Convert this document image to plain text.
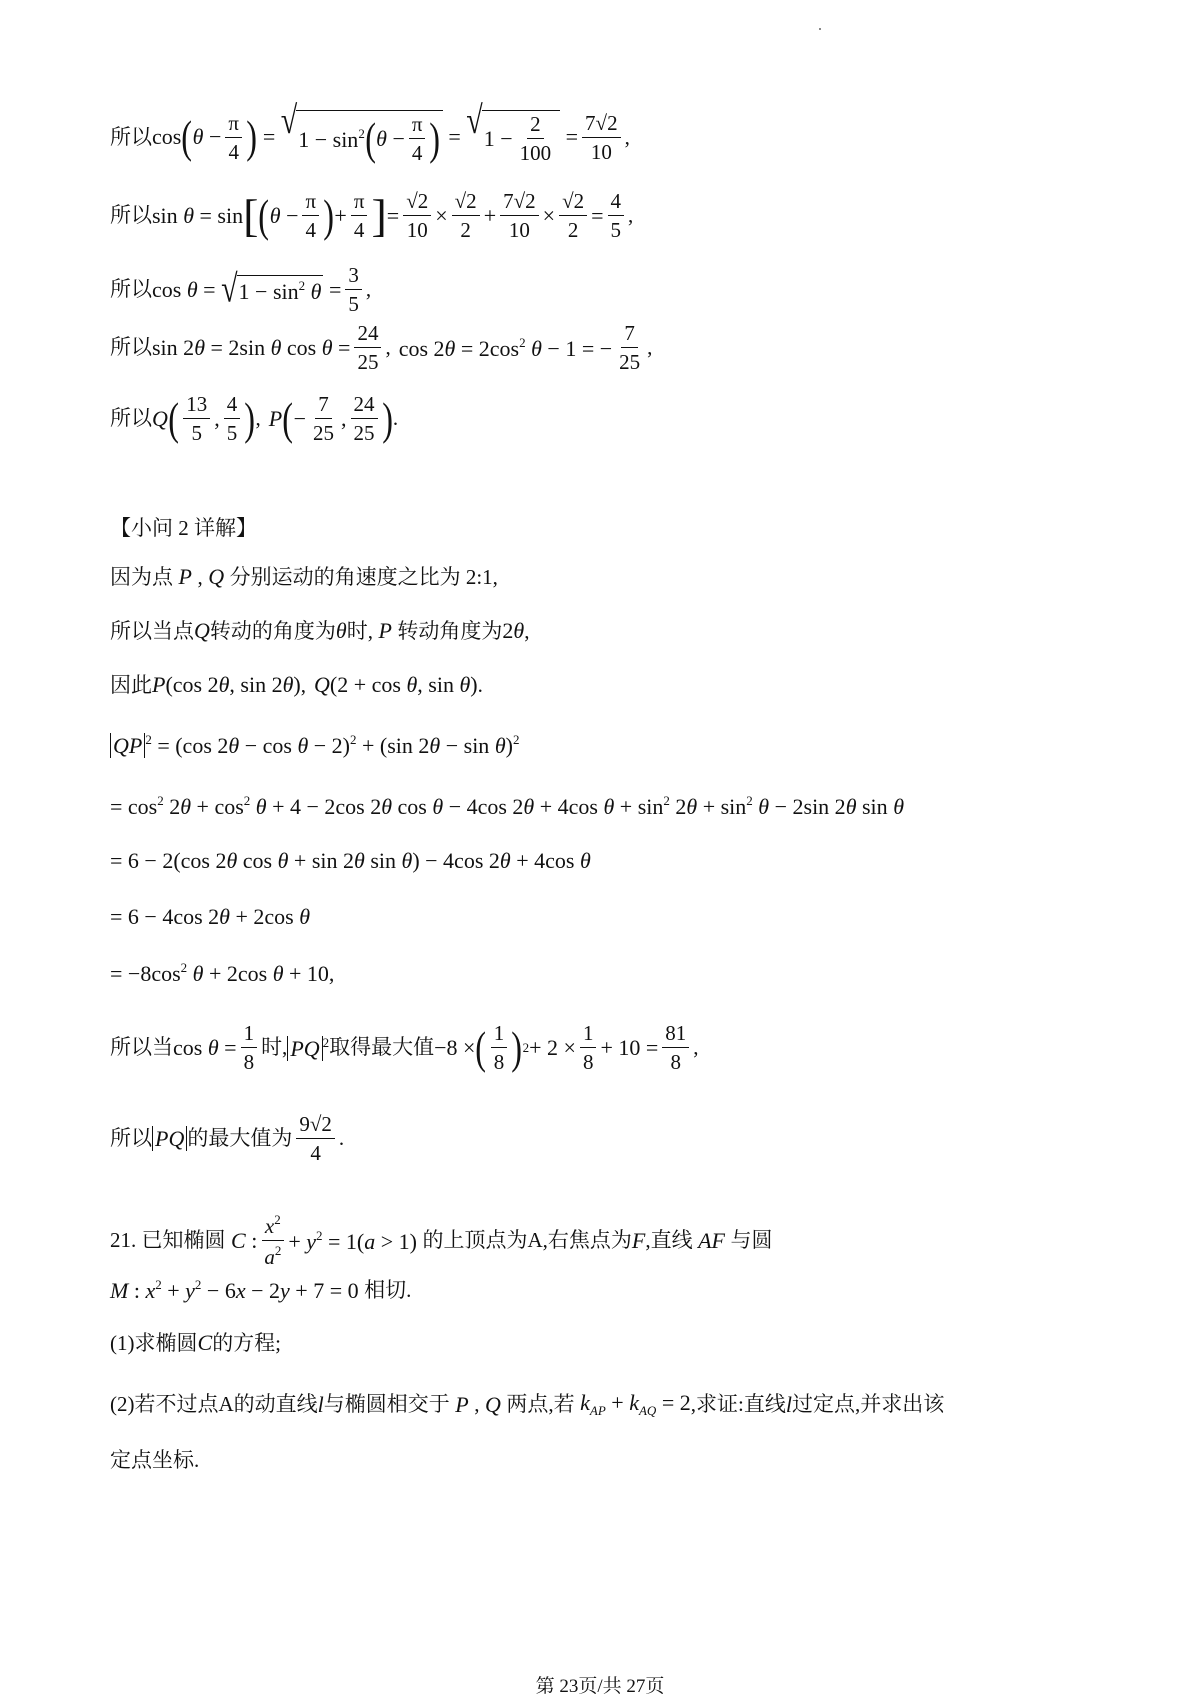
所以 cos ( $\theta - \frac{\pi}{4}$ ) = √ $1 - \sin^2$ ( $\theta - \frac{\pi}{4}$ ) = √ $1 - \frac{2}{100} = \frac{7√2}{10}$ ,
所以 sin θ = sin [ ( $\theta - \frac{\pi}{4}$ ) + $\frac{\pi}{4}$ ] = $\frac{√2}{10} \times \frac{√2}{2} + \frac{7√2}{10} \times \frac{√2}{2} = \frac{4}{5}$ ,
所以 cos θ = √ $1 - \sin^2 \theta = \frac{3}{5}$ ,
所以 sin 2θ = 2sin θ $\cos \theta = \frac{24}{25}$ , $\cos 2\theta = 2\cos^2$ θ − 1 = − $\frac{7}{25}$ ,
所以 Q ( $\frac{13}{5}$ , $\frac{4}{5}$ ) , P ( − $\frac{7}{25}$ , $\frac{24}{25}$ ) .
【小问 2 详解】
因为点 P , Q 分别运动的角速度之比为 2:1,
所以当点 Q 转动的角度为 θ 时, P 转动角度为 2θ ,
因此 P(cos 2θ, sin 2θ) , Q(2 + cos θ, sin θ) .
QP $^2$ = (cos 2θ − cos θ − 2)$^2$ + (sin 2θ − sin θ)$^2$
= $\cos^2 2\theta + \cos^2 \theta + 4 - 2\cos$ 2θ cos θ − 4cos 2θ + 4cos $\theta + \sin^2 2\theta + \sin^2 \theta - 2\sin$ 2θ sin θ
= 6 − 2(cos 2θ cos θ + sin 2θ sin θ) − 4cos 2θ + 4cos θ
= 6 − 4cos 2θ + 2cos θ
= $-8\cos^2$ θ + 2cos θ + 10,
所以当 $\cos \theta = \frac{1}{8}$ 时, PQ $^2$ 取得最大值 −8 × ( $\frac{1}{8}$ ) $2 + 2 \times \frac{1}{8} + 10 = \frac{81}{8}$ ,
所以 PQ 的最大值为 $\frac{9√2}{4}$ .
21. 已知椭圆 C : $\frac{x^2}{a^2} + y^2 = 1(a > 1)$ 的上顶点为A,右焦点为 F ,直线 AF 与圆
M : $x^2 + y^2 - 6x - 2y + 7 = 0$ 相切.
(1)求椭圆 C 的方程;
(2)若不过点A的动直线 l 与椭圆相交于 P , Q 两点,若 $k_{AP} + k_{AQ} = 2$ ,求证:直线 l 过定点,并求出该
定点坐标.
第 23页/共 27页
